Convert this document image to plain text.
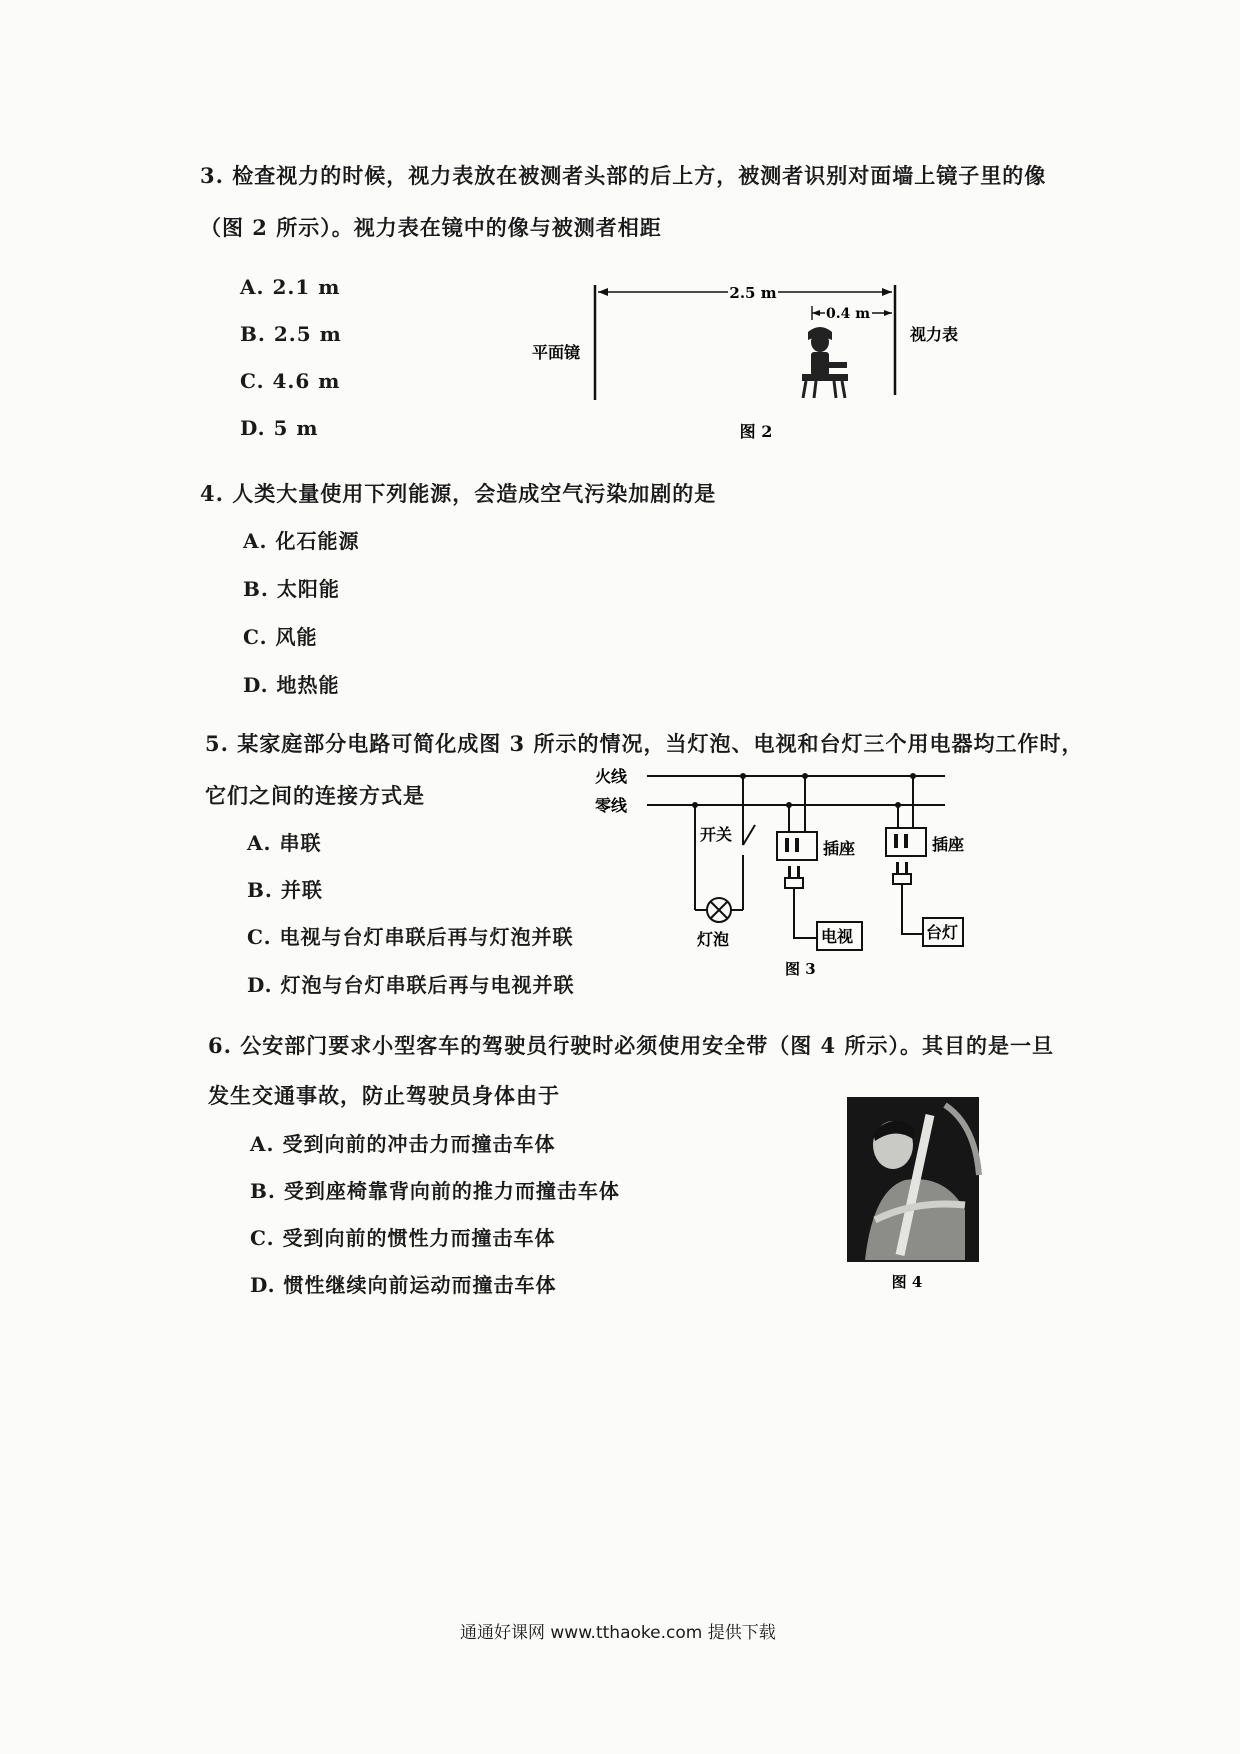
3. 检查视力的时候，视力表放在被测者头部的后上方，被测者识别对面墙上镜子里的像
（图 2 所示）。视力表在镜中的像与被测者相距
A. 2.1 m
B. 2.5 m
C. 4.6 m
D. 5 m
2.5 m
0.4 m
平面镜
视力表
图 2
4. 人类大量使用下列能源，会造成空气污染加剧的是
A. 化石能源
B. 太阳能
C. 风能
D. 地热能
5. 某家庭部分电路可简化成图 3 所示的情况，当灯泡、电视和台灯三个用电器均工作时，
它们之间的连接方式是
A. 串联
B. 并联
C. 电视与台灯串联后再与灯泡并联
D. 灯泡与台灯串联后再与电视并联
火线
零线
开关
灯泡
插座	插座
电视	台灯
图 3
6. 公安部门要求小型客车的驾驶员行驶时必须使用安全带（图 4 所示）。其目的是一旦
发生交通事故，防止驾驶员身体由于
A. 受到向前的冲击力而撞击车体
B. 受到座椅靠背向前的推力而撞击车体
C. 受到向前的惯性力而撞击车体
D. 惯性继续向前运动而撞击车体	图 4
通通好课网 www.tthaoke.com 提供下载
